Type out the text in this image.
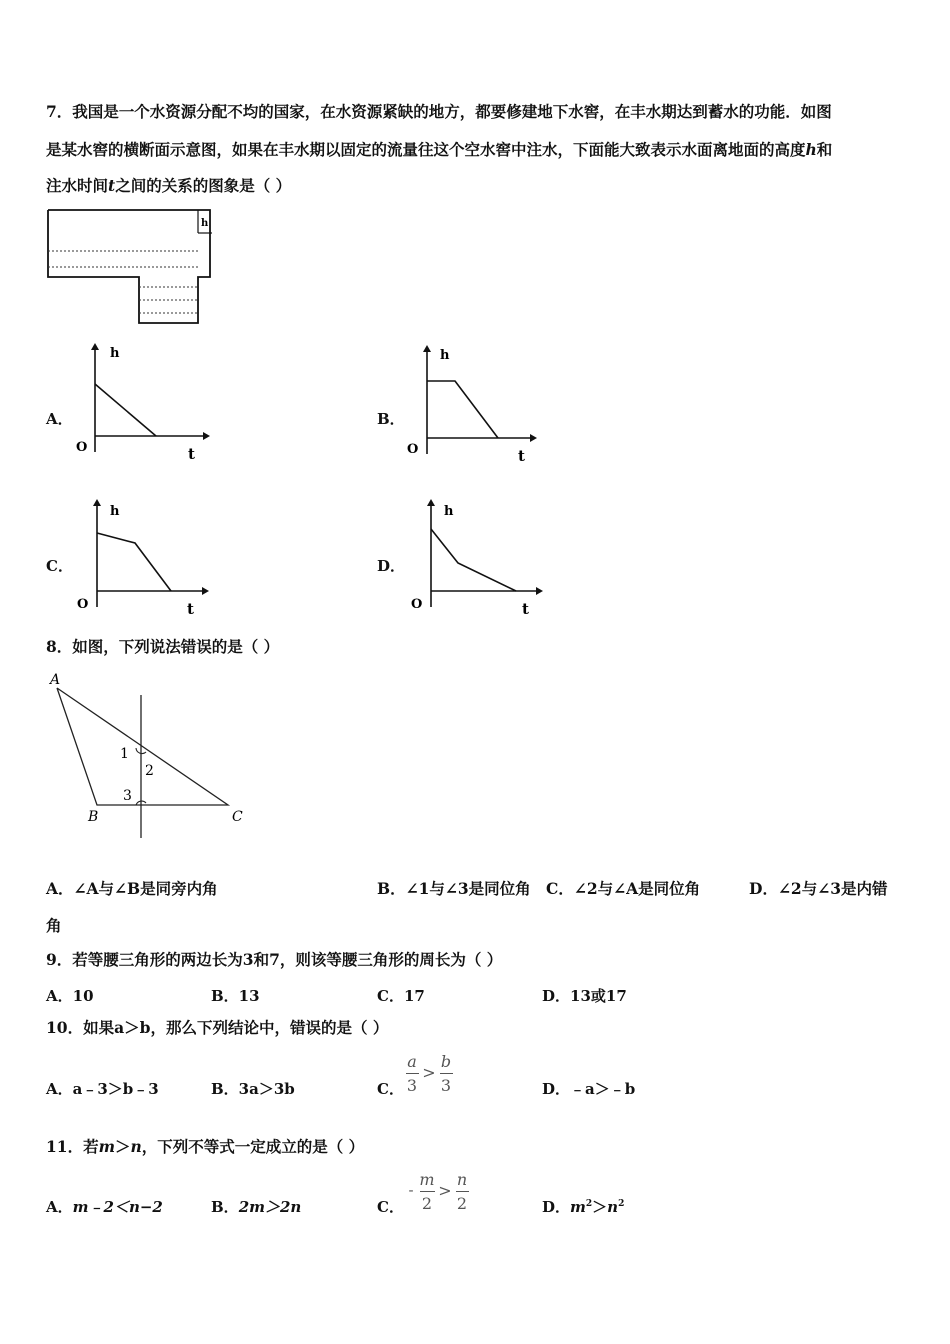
7．我国是一个水资源分配不均的国家，在水资源紧缺的地方，都要修建地下水窖，在丰水期达到蓄水的功能．如图
是某水窖的横断面示意图，如果在丰水期以固定的流量往这个空水窖中注水，下面能大致表示水面离地面的高度h和
注水时间t之间的关系的图象是（ ）
h
A．
h
t
O
B．
h
t
O
C．
h
t
O
D．
h
t
O
8．如图，下列说法错误的是（ ）
A
B	C
1
2
3
A．∠A与∠B是同旁内角	B．∠1与∠3是同位角 C．∠2与∠A是同位角	D．∠2与∠3是内错
角
9．若等腰三角形的两边长为3和7，则该等腰三角形的周长为（ ）
A．10	B．13	C．17	D．13或17
10．如果a＞b，那么下列结论中，错误的是（ ）
A．a﹣3＞b﹣3	B．3a＞3b	C．
a
3
>
b
3	D．﹣a＞﹣b
11．若m＞n，下列不等式一定成立的是（ ）
A．m﹣2＜n−2	B．2m＞2n	C．
-
m
2
>
n
2	D．$m^2>n^2$
